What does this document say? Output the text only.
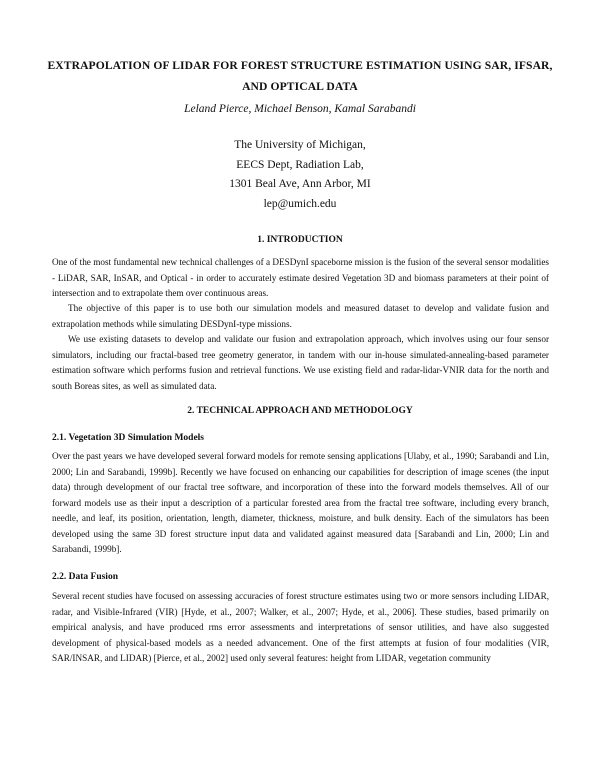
EXTRAPOLATION OF LIDAR FOR FOREST STRUCTURE ESTIMATION USING SAR, IFSAR, AND OPTICAL DATA
Leland Pierce, Michael Benson, Kamal Sarabandi
The University of Michigan,
EECS Dept, Radiation Lab,
1301 Beal Ave, Ann Arbor, MI
lep@umich.edu
1. INTRODUCTION

One of the most fundamental new technical challenges of a DESDynI spaceborne mission is the fusion of the several sensor modalities - LiDAR, SAR, InSAR, and Optical - in order to accurately estimate desired Vegetation 3D and biomass parameters at their point of intersection and to extrapolate them over continuous areas.

The objective of this paper is to use both our simulation models and measured dataset to develop and validate fusion and extrapolation methods while simulating DESDynI-type missions.

We use existing datasets to develop and validate our fusion and extrapolation approach, which involves using our four sensor simulators, including our fractal-based tree geometry generator, in tandem with our in-house simulated-annealing-based parameter estimation software which performs fusion and retrieval functions. We use existing field and radar-lidar-VNIR data for the north and south Boreas sites, as well as simulated data.

2. TECHNICAL APPROACH AND METHODOLOGY
2.1. Vegetation 3D Simulation Models

Over the past years we have developed several forward models for remote sensing applications [Ulaby, et al., 1990; Sarabandi and Lin, 2000; Lin and Sarabandi, 1999b]. Recently we have focused on enhancing our capabilities for description of image scenes (the input data) through development of our fractal tree software, and incorporation of these into the forward models themselves. All of our forward models use as their input a description of a particular forested area from the fractal tree software, including every branch, needle, and leaf, its position, orientation, length, diameter, thickness, moisture, and bulk density. Each of the simulators has been developed using the same 3D forest structure input data and validated against measured data [Sarabandi and Lin, 2000; Lin and Sarabandi, 1999b].

2.2. Data Fusion

Several recent studies have focused on assessing accuracies of forest structure estimates using two or more sensors including LIDAR, radar, and Visible-Infrared (VIR) [Hyde, et al., 2007; Walker, et al., 2007; Hyde, et al., 2006]. These studies, based primarily on empirical analysis, and have produced rms error assessments and interpretations of sensor utilities, and have also suggested development of physical-based models as a needed advancement. One of the first attempts at fusion of four modalities (VIR, SAR/INSAR, and LIDAR) [Pierce, et al., 2002] used only several features: height from LIDAR, vegetation community
